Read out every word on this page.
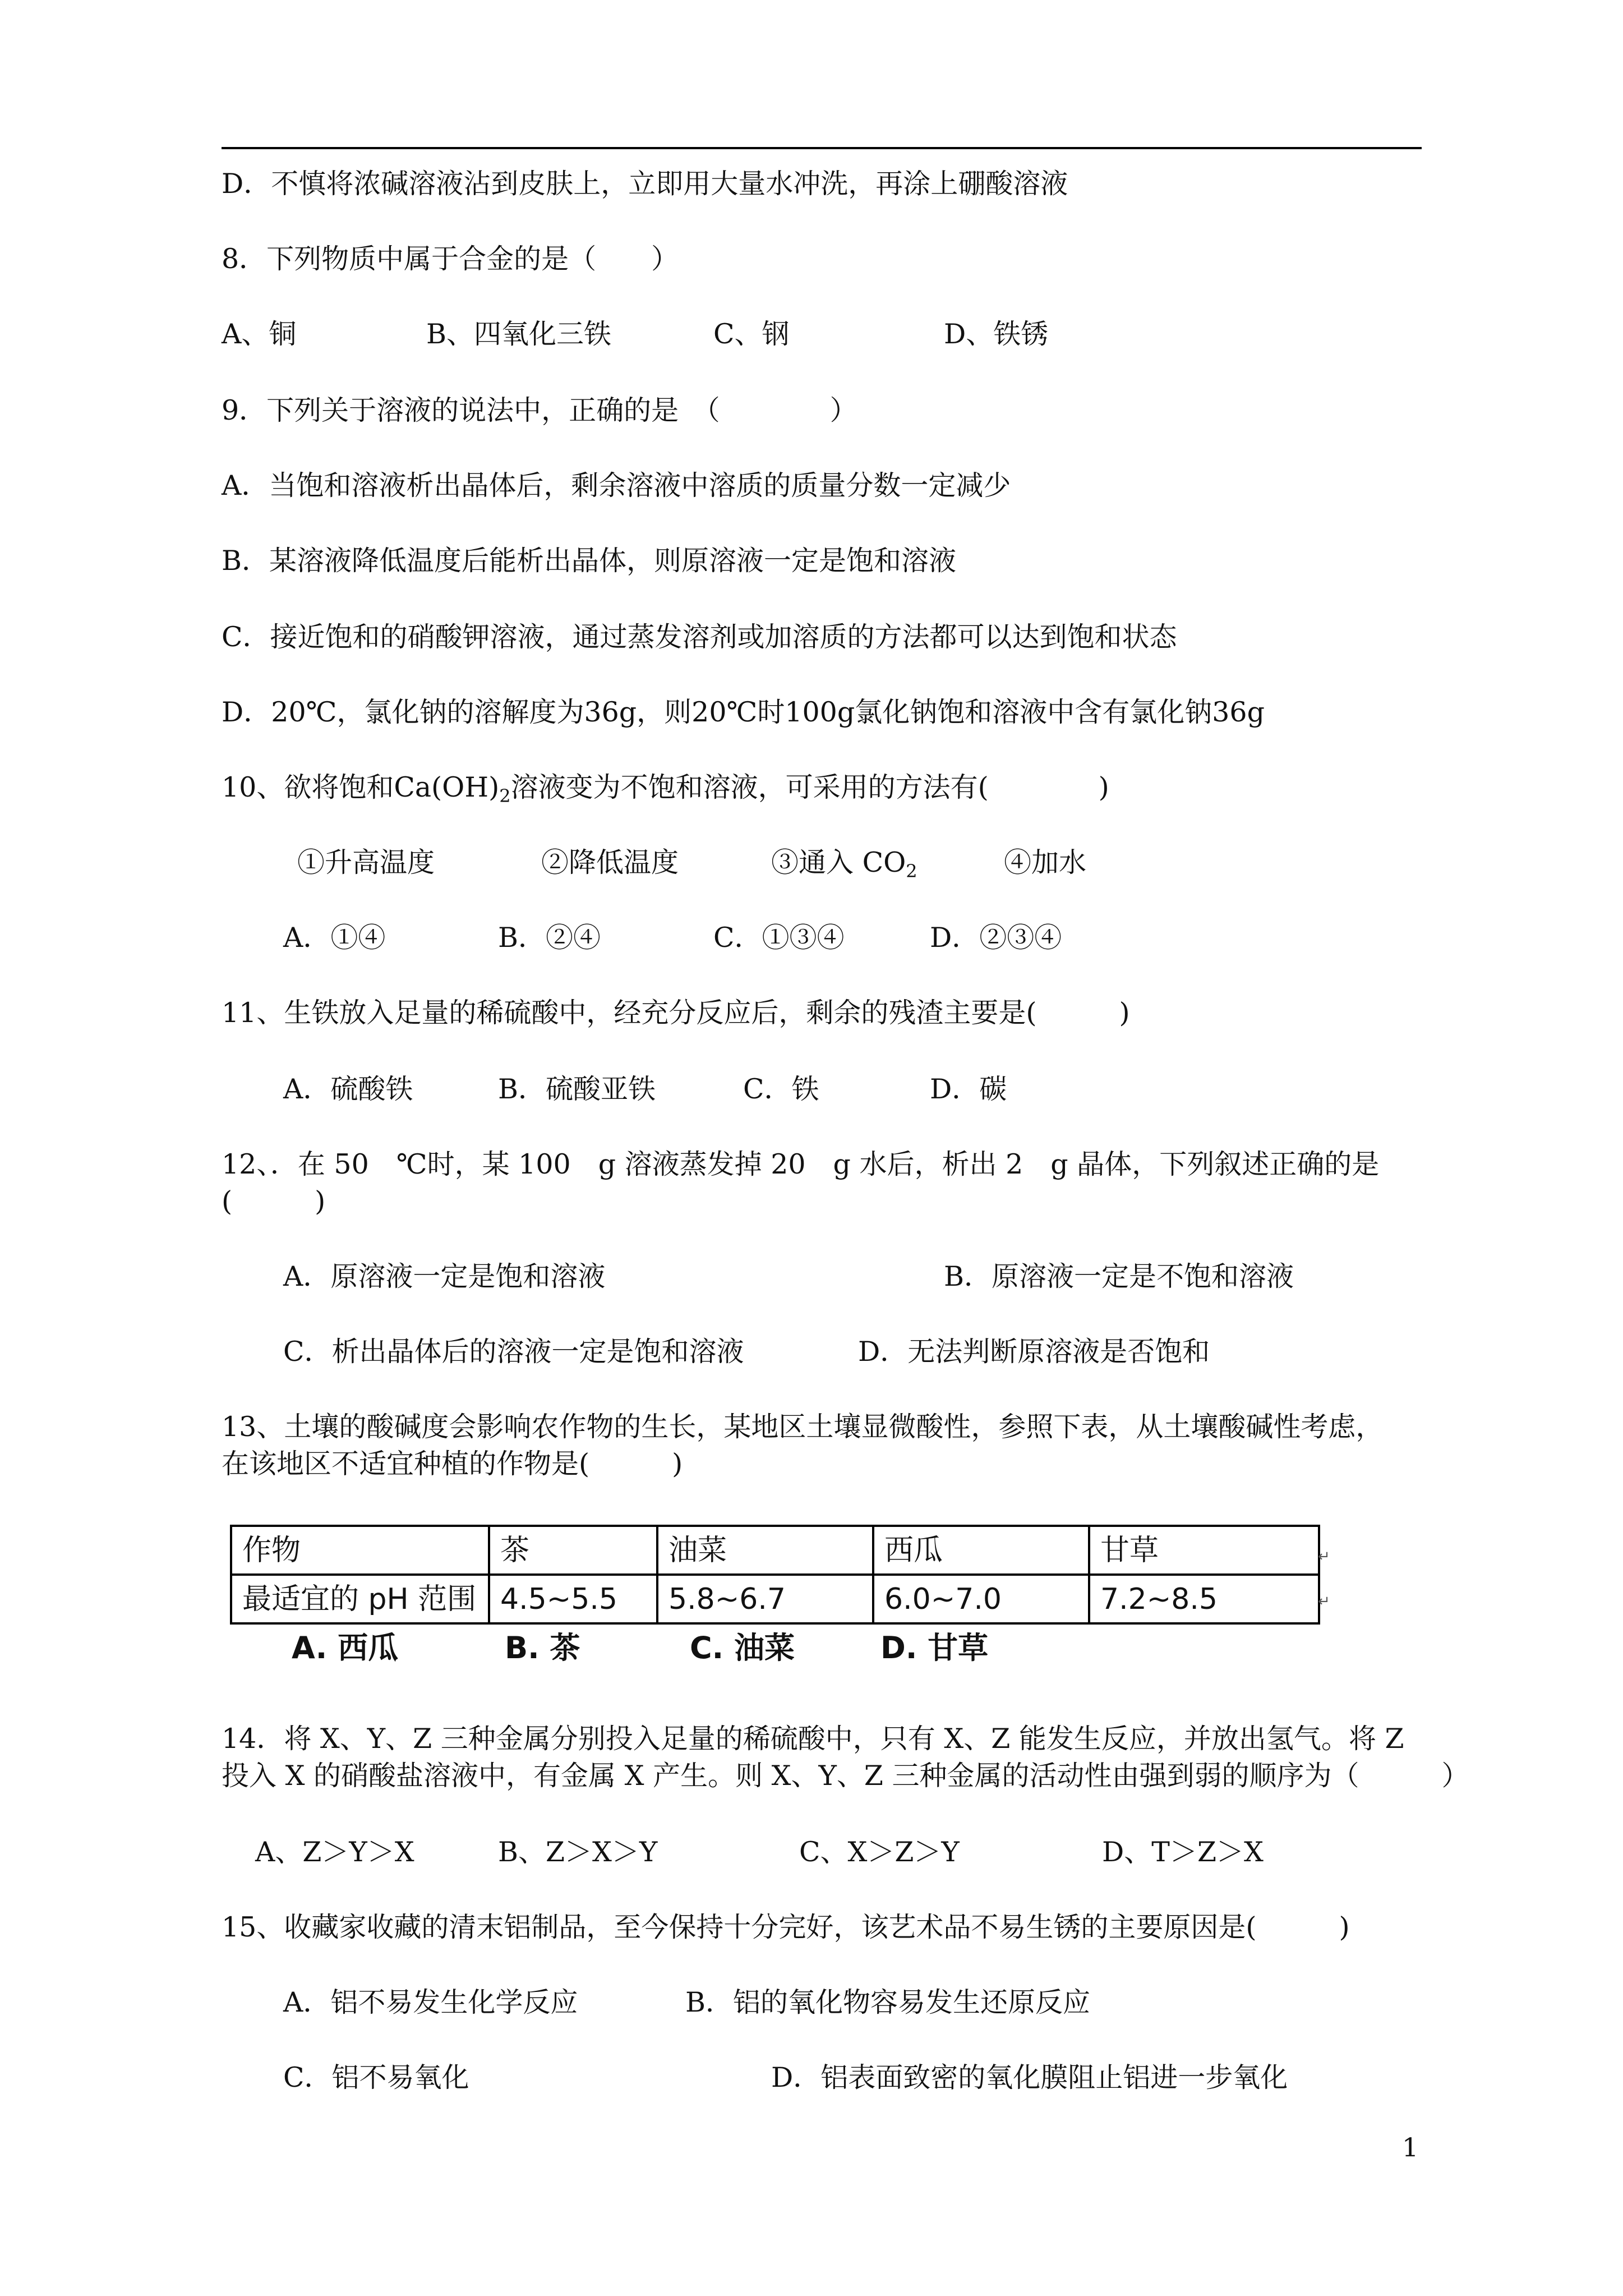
D．不慎将浓碱溶液沾到皮肤上，立即用大量水冲洗，再涂上硼酸溶液
8．下列物质中属于合金的是（　　）
A、铜	B、四氧化三铁	C、钢	D、铁锈
9．下列关于溶液的说法中，正确的是　（　　　　）
A．当饱和溶液析出晶体后，剩余溶液中溶质的质量分数一定减少
B．某溶液降低温度后能析出晶体，则原溶液一定是饱和溶液
C．接近饱和的硝酸钾溶液，通过蒸发溶剂或加溶质的方法都可以达到饱和状态
D．20℃，氯化钠的溶解度为36g，则20℃时100g氯化钠饱和溶液中含有氯化钠36g
10、欲将饱和$Ca(OH)_2$溶液变为不饱和溶液，可采用的方法有(　　　　)
①升高温度	②降低温度	③通入 $CO_2$	④加水
A．①④	B．②④	C．①③④	D．②③④
11、生铁放入足量的稀硫酸中，经充分反应后，剩余的残渣主要是(　　　)
A．硫酸铁	B．硫酸亚铁	C．铁	D．碳
12、．在 50　℃时，某 100　g 溶液蒸发掉 20　g 水后，析出 2　g 晶体，下列叙述正确的是
(　　　)
A．原溶液一定是饱和溶液	B．原溶液一定是不饱和溶液
C．析出晶体后的溶液一定是饱和溶液	D．无法判断原溶液是否饱和
13、土壤的酸碱度会影响农作物的生长，某地区土壤显微酸性，参照下表，从土壤酸碱性考虑，
在该地区不适宜种植的作物是(　　　)
作物	茶	油菜	西瓜	甘草
最适宜的 pH 范围	4.5~5.5	5.8~6.7	6.0~7.0	7.2~8.5
↵
↵
A. 西瓜	B. 茶	C. 油菜	D. 甘草
14．将 X、Y、Z 三种金属分别投入足量的稀硫酸中，只有 X、Z 能发生反应，并放出氢气。将 Z
投入 X 的硝酸盐溶液中，有金属 X 产生。则 X、Y、Z 三种金属的活动性由强到弱的顺序为（　　　）
A、Z＞Y＞X	B、Z＞X＞Y	C、X＞Z＞Y	D、T＞Z＞X
15、收藏家收藏的清末铝制品，至今保持十分完好，该艺术品不易生锈的主要原因是(　　　)
A．铝不易发生化学反应	B．铝的氧化物容易发生还原反应
C．铝不易氧化	D．铝表面致密的氧化膜阻止铝进一步氧化
1
